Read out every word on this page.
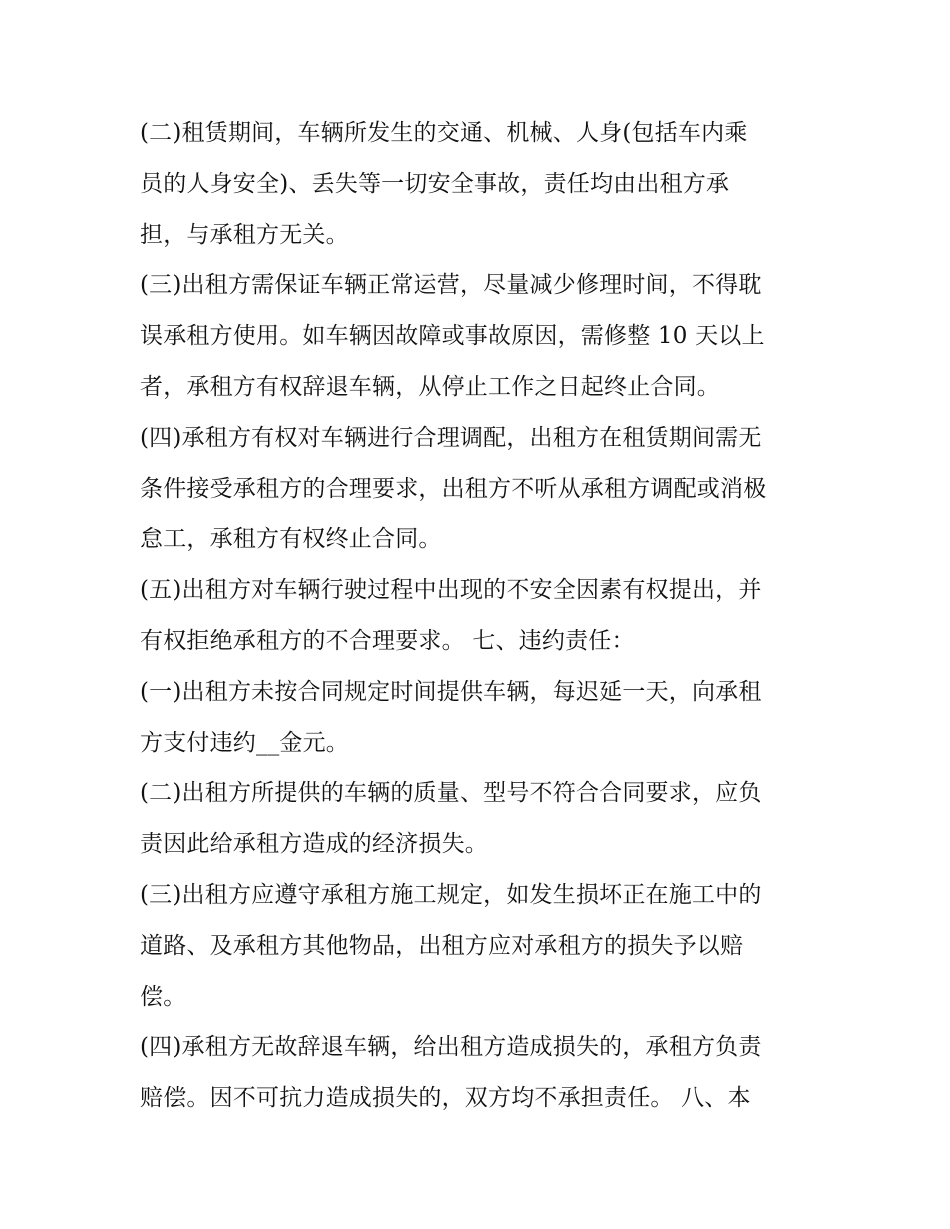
(二)租赁期间，车辆所发生的交通、机械、人身(包括车内乘
员的人身安全)、丢失等一切安全事故，责任均由出租方承
担，与承租方无关。
(三)出租方需保证车辆正常运营，尽量减少修理时间，不得耽
误承租方使用。如车辆因故障或事故原因，需修整 10 天以上
者，承租方有权辞退车辆，从停止工作之日起终止合同。
(四)承租方有权对车辆进行合理调配，出租方在租赁期间需无
条件接受承租方的合理要求，出租方不听从承租方调配或消极
怠工，承租方有权终止合同。
(五)出租方对车辆行驶过程中出现的不安全因素有权提出，并
有权拒绝承租方的不合理要求。 七、违约责任：
(一)出租方未按合同规定时间提供车辆，每迟延一天，向承租
方支付违约__金元。
(二)出租方所提供的车辆的质量、型号不符合合同要求，应负
责因此给承租方造成的经济损失。
(三)出租方应遵守承租方施工规定，如发生损坏正在施工中的
道路、及承租方其他物品，出租方应对承租方的损失予以赔
偿。
(四)承租方无故辞退车辆，给出租方造成损失的，承租方负责
赔偿。因不可抗力造成损失的，双方均不承担责任。 八、本
